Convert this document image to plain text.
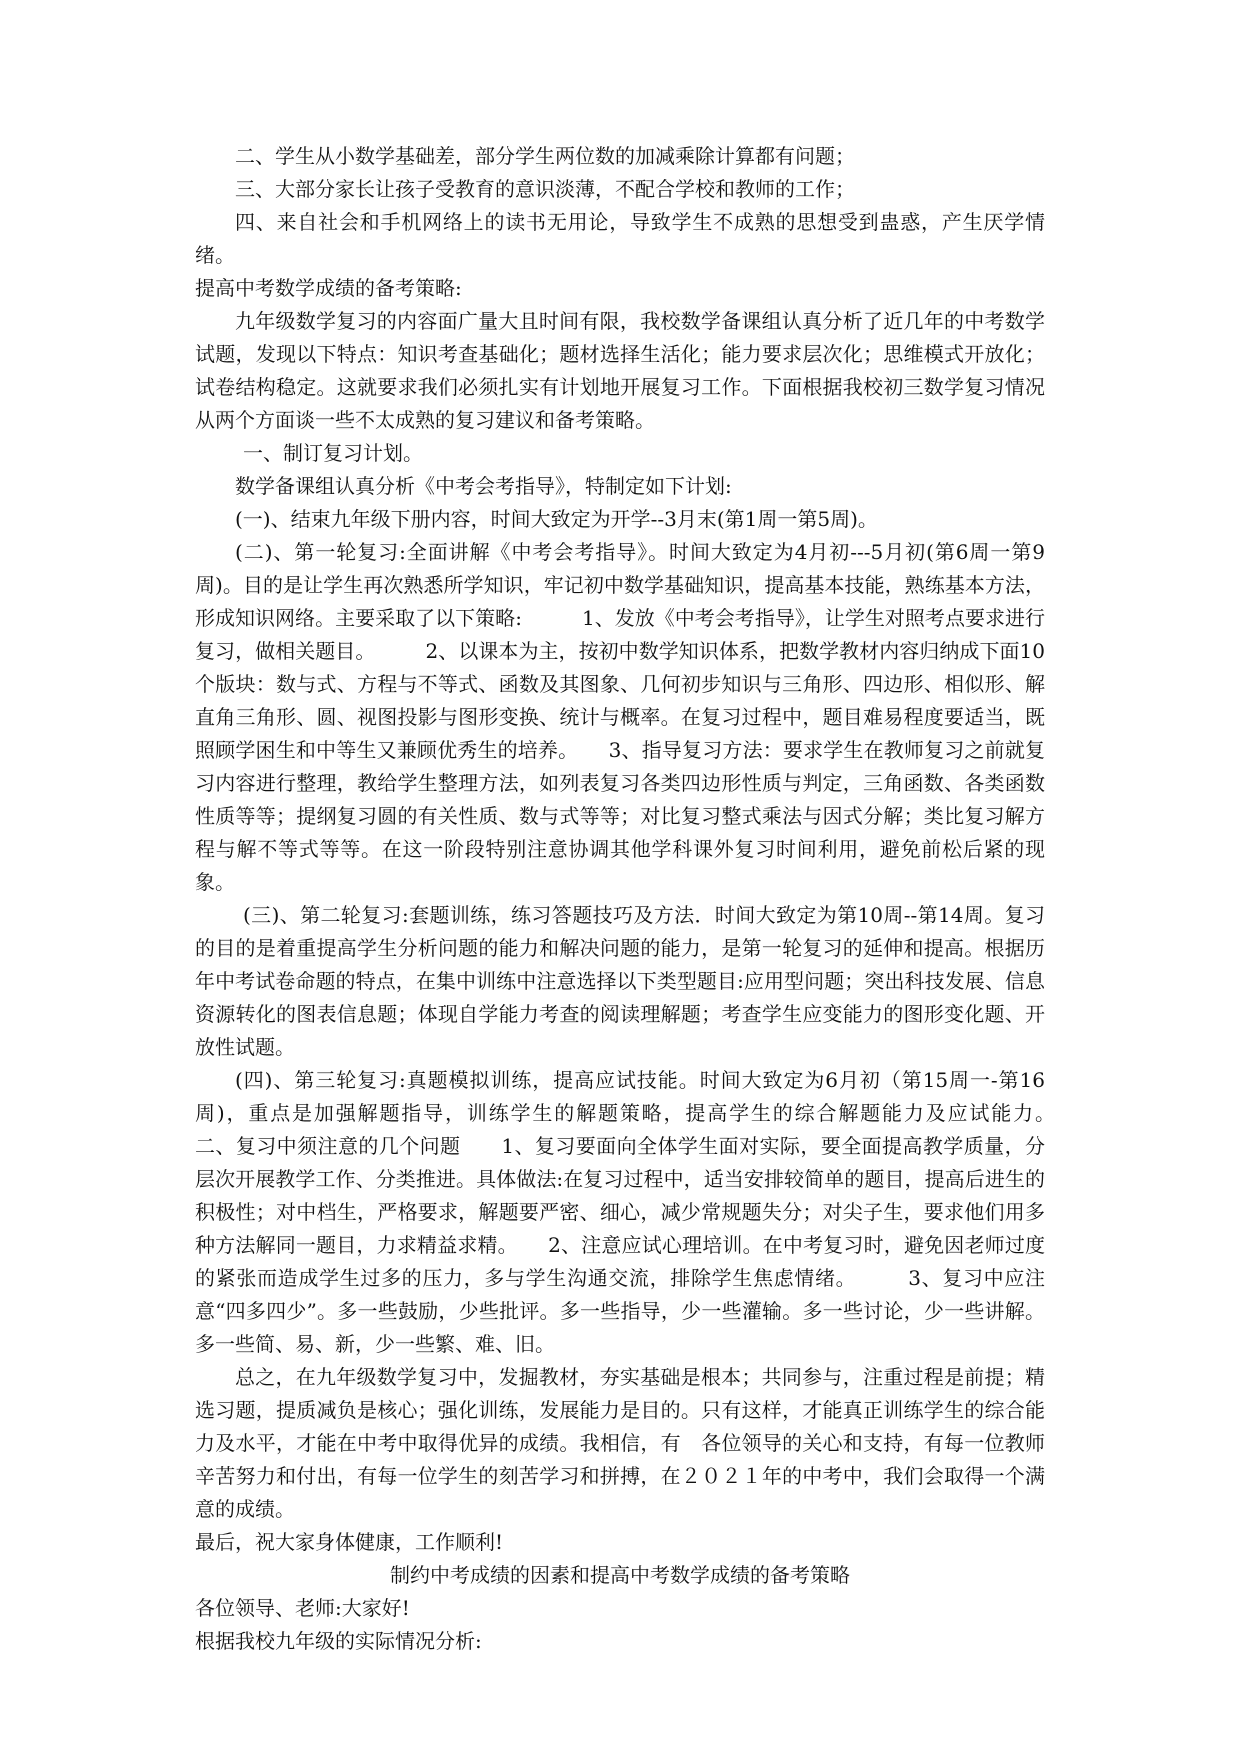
二、学生从小数学基础差，部分学生两位数的加减乘除计算都有问题；

三、大部分家长让孩子受教育的意识淡薄，不配合学校和教师的工作；

四、来自社会和手机网络上的读书无用论，导致学生不成熟的思想受到蛊惑，产生厌学情绪。

提高中考数学成绩的备考策略:

九年级数学复习的内容面广量大且时间有限，我校数学备课组认真分析了近几年的中考数学试题，发现以下特点：知识考查基础化；题材选择生活化；能力要求层次化；思维模式开放化；试卷结构稳定。这就要求我们必须扎实有计划地开展复习工作。下面根据我校初三数学复习情况从两个方面谈一些不太成熟的复习建议和备考策略。

一、制订复习计划。

数学备课组认真分析《中考会考指导》，特制定如下计划:

(一)、结束九年级下册内容，时间大致定为开学--3月末(第1周一第5周)。

(二)、第一轮复习:全面讲解《中考会考指导》。时间大致定为4月初---5月初(第6周一第9周)。目的是让学生再次熟悉所学知识，牢记初中数学基础知识，提高基本技能，熟练基本方法，形成知识网络。主要采取了以下策略:　　　1、发放《中考会考指导》，让学生对照考点要求进行复习，做相关题目。　　　2、以课本为主，按初中数学知识体系，把数学教材内容归纳成下面10个版块：数与式、方程与不等式、函数及其图象、几何初步知识与三角形、四边形、相似形、解直角三角形、圆、视图投影与图形变换、统计与概率。在复习过程中，题目难易程度要适当，既照顾学困生和中等生又兼顾优秀生的培养。　　3、指导复习方法：要求学生在教师复习之前就复习内容进行整理，教给学生整理方法，如列表复习各类四边形性质与判定，三角函数、各类函数性质等等；提纲复习圆的有关性质、数与式等等；对比复习整式乘法与因式分解；类比复习解方程与解不等式等等。在这一阶段特别注意协调其他学科课外复习时间利用，避免前松后紧的现象。

(三)、第二轮复习:套题训练，练习答题技巧及方法．时间大致定为第10周--第14周。复习的目的是着重提高学生分析问题的能力和解决问题的能力，是第一轮复习的延伸和提高。根据历年中考试卷命题的特点，在集中训练中注意选择以下类型题目:应用型问题；突出科技发展、信息资源转化的图表信息题；体现自学能力考查的阅读理解题；考查学生应变能力的图形变化题、开放性试题。

(四)、第三轮复习:真题模拟训练，提高应试技能。时间大致定为6月初（第15周一-第16周)，重点是加强解题指导，训练学生的解题策略，提高学生的综合解题能力及应试能力。　　　二、复习中须注意的几个问题　　1、复习要面向全体学生面对实际，要全面提高教学质量，分层次开展教学工作、分类推进。具体做法:在复习过程中，适当安排较简单的题目，提高后进生的积极性；对中档生，严格要求，解题要严密、细心，减少常规题失分；对尖子生，要求他们用多种方法解同一题目，力求精益求精。　　2、注意应试心理培训。在中考复习时，避免因老师过度的紧张而造成学生过多的压力，多与学生沟通交流，排除学生焦虑情绪。　　　3、复习中应注意“四多四少”。多一些鼓励，少些批评。多一些指导，少一些灌输。多一些讨论，少一些讲解。多一些简、易、新，少一些繁、难、旧。

总之，在九年级数学复习中，发掘教材，夯实基础是根本；共同参与，注重过程是前提；精选习题，提质减负是核心；强化训练，发展能力是目的。只有这样，才能真正训练学生的综合能力及水平，才能在中考中取得优异的成绩。我相信，有　各位领导的关心和支持，有每一位教师辛苦努力和付出，有每一位学生的刻苦学习和拼搏，在２０２１年的中考中，我们会取得一个满意的成绩。

最后，祝大家身体健康，工作顺利!

制约中考成绩的因素和提高中考数学成绩的备考策略

各位领导、老师:大家好!

根据我校九年级的实际情况分析:
